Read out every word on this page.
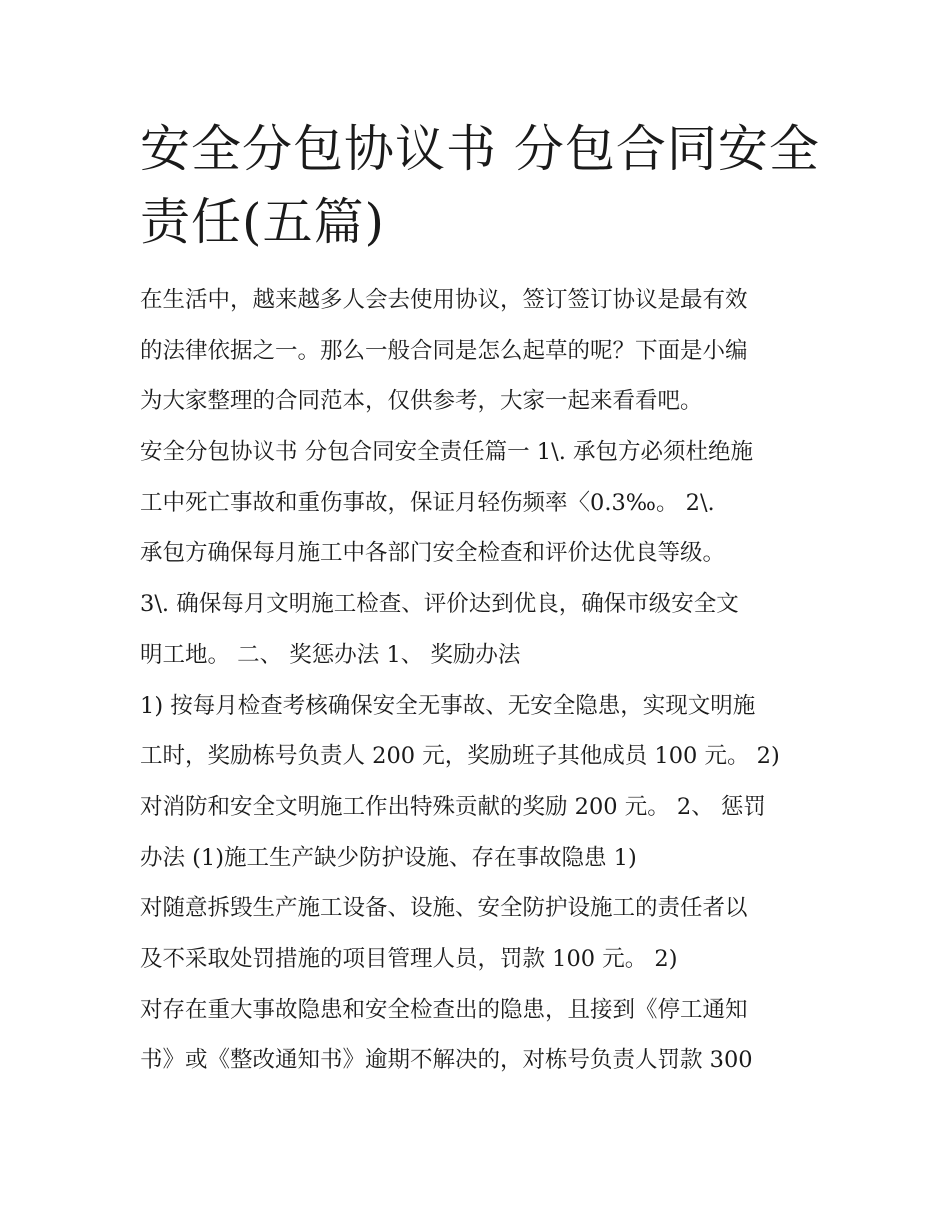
安全分包协议书 分包合同安全
责任(五篇)
在生活中，越来越多人会去使用协议，签订签订协议是最有效
的法律依据之一。那么一般合同是怎么起草的呢？下面是小编
为大家整理的合同范本，仅供参考，大家一起来看看吧。
安全分包协议书 分包合同安全责任篇一 1\. 承包方必须杜绝施
工中死亡事故和重伤事故，保证月轻伤频率〈0.3‰。 2\.
承包方确保每月施工中各部门安全检查和评价达优良等级。
3\. 确保每月文明施工检查、评价达到优良，确保市级安全文
明工地。 二、 奖惩办法 1、 奖励办法
1) 按每月检查考核确保安全无事故、无安全隐患，实现文明施
工时，奖励栋号负责人 200 元，奖励班子其他成员 100 元。 2)
对消防和安全文明施工作出特殊贡献的奖励 200 元。 2、 惩罚
办法 (1)施工生产缺少防护设施、存在事故隐患 1)
对随意拆毁生产施工设备、设施、安全防护设施工的责任者以
及不采取处罚措施的项目管理人员，罚款 100 元。 2)
对存在重大事故隐患和安全检查出的隐患，且接到《停工通知
书》或《整改通知书》逾期不解决的，对栋号负责人罚款 300
